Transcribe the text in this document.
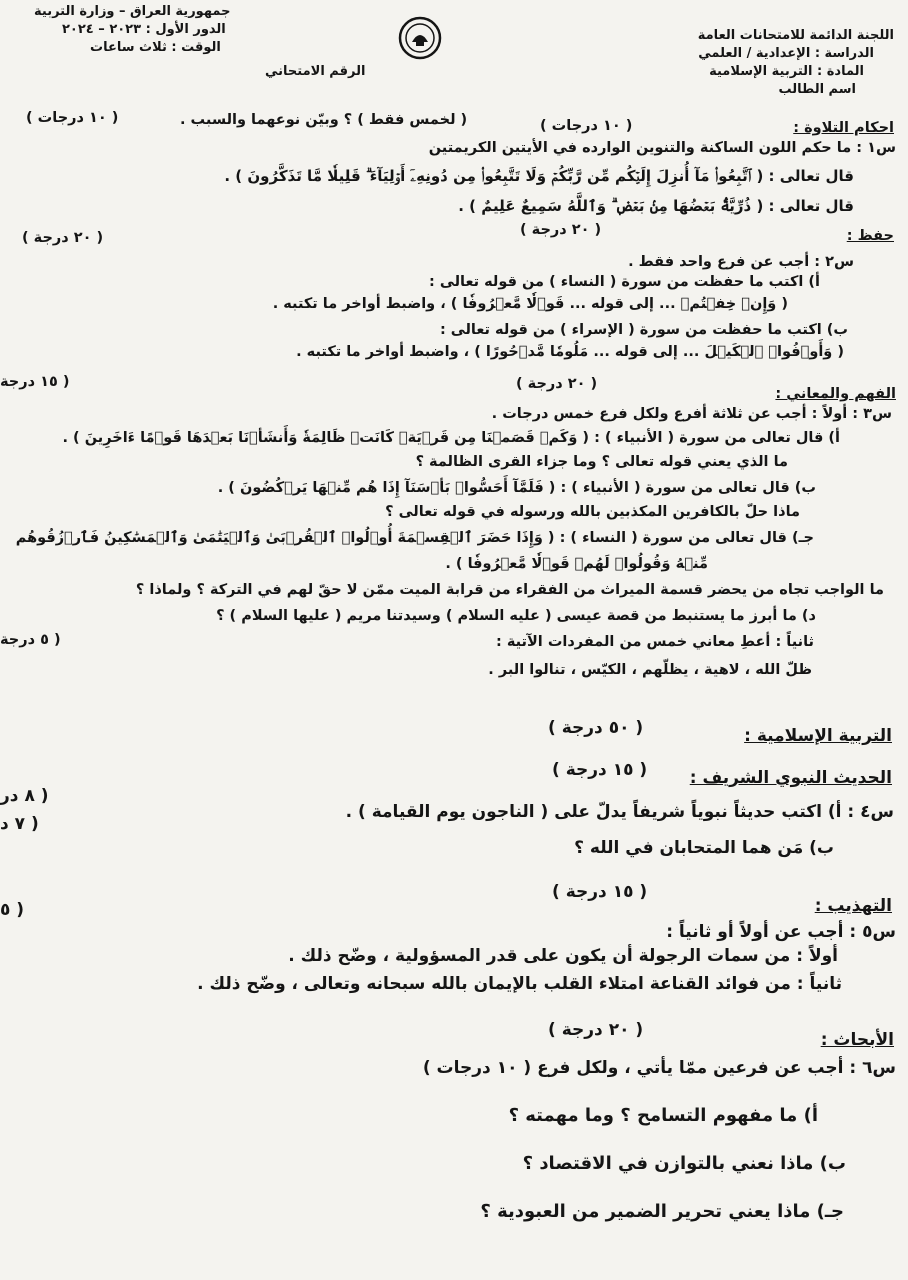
جمهورية العراق – وزارة التربية
الدور الأول : ٢٠٢٣ – ٢٠٢٤
الوقت : ثلاث ساعات
الرقم الامتحاني
اللجنة الدائمة للامتحانات العامة
الدراسة : الإعدادية / العلمي
المادة : التربية الإسلامية
اسم الطالب
( ١٠ درجات )	( لخمس فقط ) ؟ وبيّن نوعهما والسبب .	( ١٠ درجات )	احكام التلاوة :
س١ : ما حكم اللون الساكنة والتنوين الوارده في الأيتين الكريمتين
قال تعالى : ( ٱتَّبِعُوا۟ مَآ أُنزِلَ إِلَيۡكُم مِّن رَّبِّكُمۡ وَلَا تَتَّبِعُوا۟ مِن دُونِهِۦٓ أَوۡلِيَآءَ ۗ قَلِيلٗا مَّا تَذَكَّرُونَ ) .
قال تعالى : ( ذُرِّيَّةَۢ بَعۡضُهَا مِنۢ بَعۡضٖ ۗ وَٱللَّهُ سَمِيعٌ عَلِيمٌ ) .
( ٢٠ درجة )
( ٢٠ درجة )	حفظ :
س٢ : أجب عن فرع واحد فقط .
أ) اكتب ما حفظت من سورة ( النساء ) من قوله تعالى :
( وَإِنۡ خِفۡتُمۡ ... إلى قوله ... قَوۡلٗا مَّعۡرُوفٗا ) ، واضبط أواخر ما تكتبه .
ب) اكتب ما حفظت من سورة ( الإسراء ) من قوله تعالى :
( وَأَوۡفُوا۟ ٱلۡكَيۡلَ ... إلى قوله ... مَلُومٗا مَّدۡحُورًا ) ، واضبط أواخر ما تكتبه .
( ١٥ درجة	( ٢٠ درجة )
الفهم والمعاني :
س٣ : أولاً : أجب عن ثلاثة أفرع ولكل فرع خمس درجات .
أ) قال تعالى من سورة ( الأنبياء ) : ( وَكَمۡ قَصَمۡنَا مِن قَرۡيَةٖ كَانَتۡ ظَالِمَةٗ وَأَنشَأۡنَا بَعۡدَهَا قَوۡمًا ءَاخَرِينَ ) .
ما الذي يعني قوله تعالى ؟ وما جزاء القرى الظالمة ؟
ب) قال تعالى من سورة ( الأنبياء ) : ( فَلَمَّآ أَحَسُّوا۟ بَأۡسَنَآ إِذَا هُم مِّنۡهَا يَرۡكُضُونَ ) .
ماذا حلّ بالكافرين المكذبين بالله ورسوله في قوله تعالى ؟
جـ) قال تعالى من سورة ( النساء ) : ( وَإِذَا حَضَرَ ٱلۡقِسۡمَةَ أُو۟لُوا۟ ٱلۡقُرۡبَىٰ وَٱلۡيَتَٰمَىٰ وَٱلۡمَسَٰكِينُ فَٱرۡزُقُوهُم
مِّنۡهُ وَقُولُوا۟ لَهُمۡ قَوۡلٗا مَّعۡرُوفٗا ) .
ما الواجب تجاه من يحضر قسمة الميراث من الفقراء من قرابة الميت ممّن لا حقّ لهم في التركة ؟ ولماذا ؟
د) ما أبرز ما يستنبط من قصة عيسى ( عليه السلام ) وسيدتنا مريم ( عليها السلام ) ؟
( ٥ درجة	ثانياً : أعطِ معاني خمس من المفردات الآتية :
ظلّ الله ، لاهية ، يظلّهم ، الكيّس ، تنالوا البر .
( ٥٠ درجة )	التربية الإسلامية :
( ١٥ درجة )	الحديث النبوي الشريف :
( ٨ در
س٤ : أ) اكتب حديثاً نبوياً شريفاً يدلّ على ( الناجون يوم القيامة ) .
( ٧ د
ب) مَن هما المتحابان في الله ؟
( ١٥ درجة )
التهذيب :
( ٥
س٥ : أجب عن أولاً أو ثانياً :
أولاً : من سمات الرجولة أن يكون على قدر المسؤولية ، وضّح ذلك .
ثانياً : من فوائد القناعة امتلاء القلب بالإيمان بالله سبحانه وتعالى ، وضّح ذلك .
( ٢٠ درجة )	الأبحاث :
س٦ : أجب عن فرعين ممّا يأتي ، ولكل فرع ( ١٠ درجات )
أ) ما مفهوم التسامح ؟ وما مهمته ؟
ب) ماذا نعني بالتوازن في الاقتصاد ؟
جـ) ماذا يعني تحرير الضمير من العبودية ؟
